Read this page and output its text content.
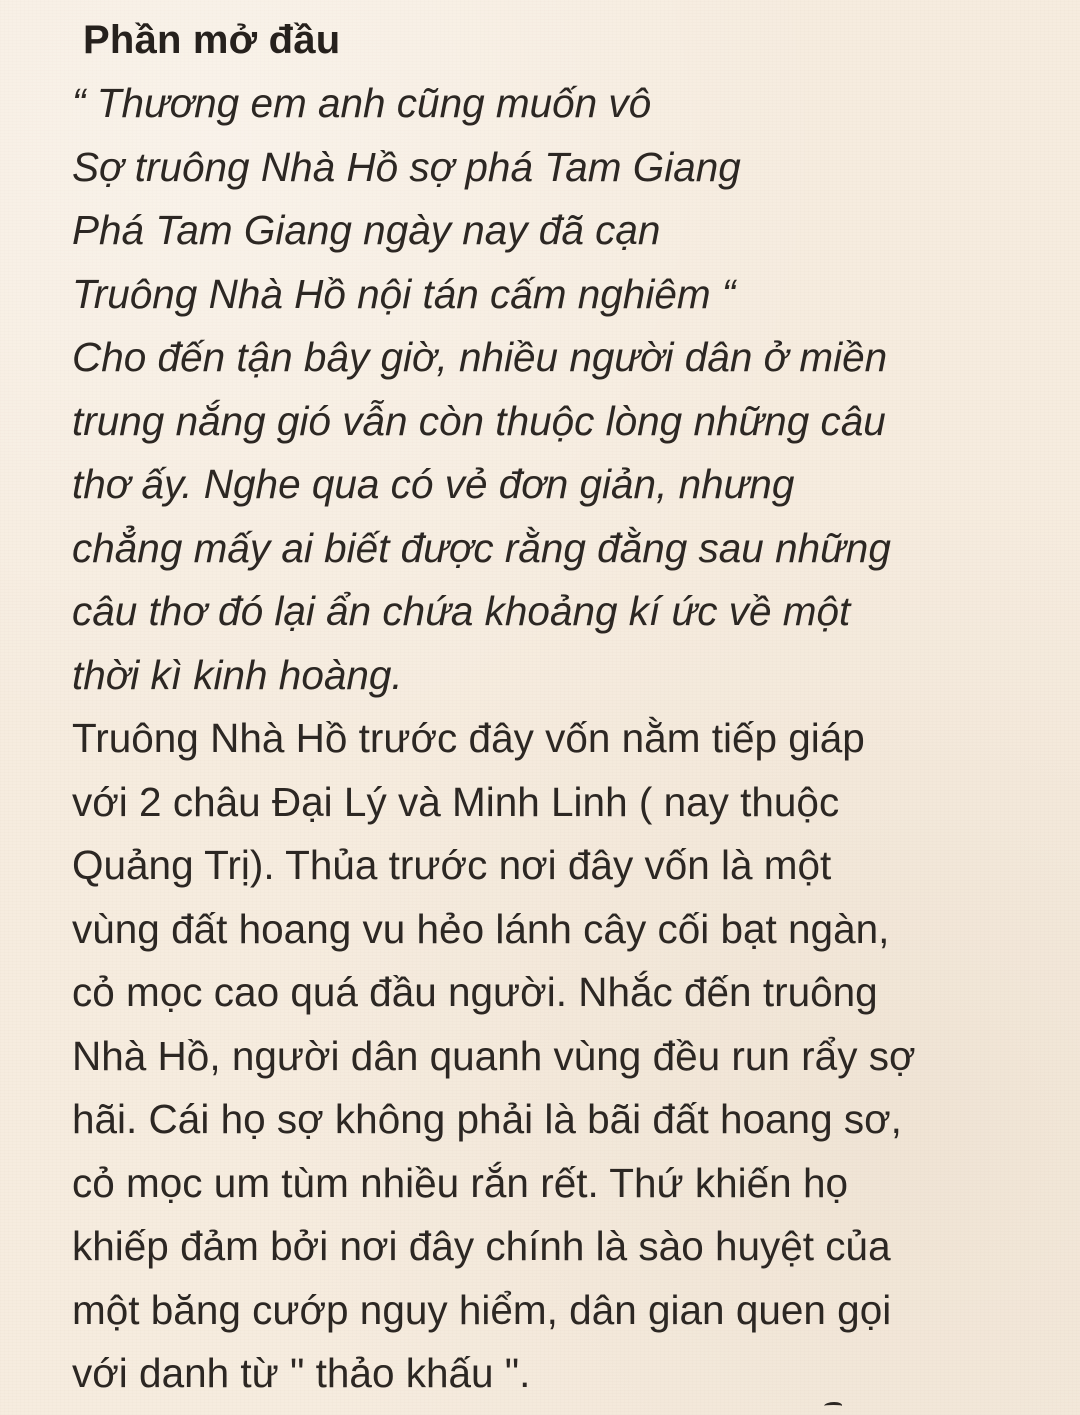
Phần mở đầu
“ Thương em anh cũng muốn vô
Sợ truông Nhà Hồ sợ phá Tam Giang
Phá Tam Giang ngày nay đã cạn
Truông Nhà Hồ nội tán cấm nghiêm “
Cho đến tận bây giờ, nhiều người dân ở miền
trung nắng gió vẫn còn thuộc lòng những câu
thơ ấy. Nghe qua có vẻ đơn giản, nhưng
chẳng mấy ai biết được rằng đằng sau những
câu thơ đó lại ẩn chứa khoảng kí ức về một
thời kì kinh hoàng.
Truông Nhà Hồ trước đây vốn nằm tiếp giáp
với 2 châu Đại Lý và Minh Linh ( nay thuộc
Quảng Trị). Thủa trước nơi đây vốn là một
vùng đất hoang vu hẻo lánh cây cối bạt ngàn,
cỏ mọc cao quá đầu người. Nhắc đến truông
Nhà Hồ, người dân quanh vùng đều run rẩy sợ
hãi. Cái họ sợ không phải là bãi đất hoang sơ,
cỏ mọc um tùm nhiều rắn rết. Thứ khiến họ
khiếp đảm bởi nơi đây chính là sào huyệt của
một băng cướp nguy hiểm, dân gian quen gọi
với danh từ " thảo khấu ".
